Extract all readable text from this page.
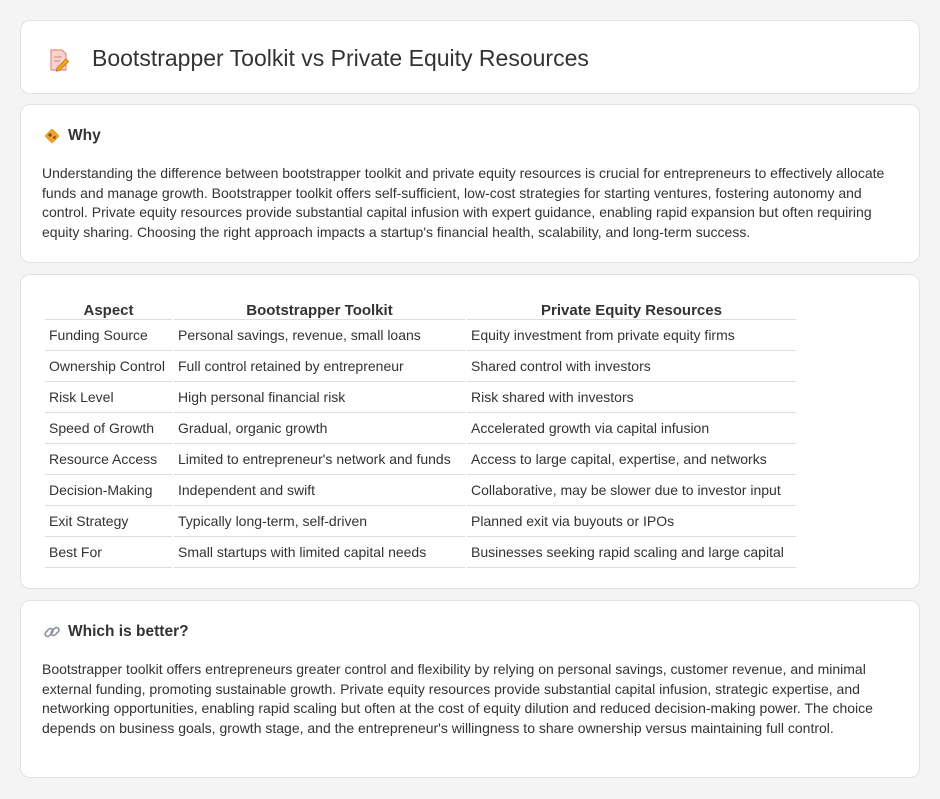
Bootstrapper Toolkit vs Private Equity Resources
Why

Understanding the difference between bootstrapper toolkit and private equity resources is crucial for entrepreneurs to effectively allocate funds and manage growth. Bootstrapper toolkit offers self-sufficient, low-cost strategies for starting ventures, fostering autonomy and control. Private equity resources provide substantial capital infusion with expert guidance, enabling rapid expansion but often requiring equity sharing. Choosing the right approach impacts a startup's financial health, scalability, and long-term success.

Aspect	Bootstrapper Toolkit	Private Equity Resources
Funding Source	Personal savings, revenue, small loans	Equity investment from private equity firms
Ownership Control	Full control retained by entrepreneur	Shared control with investors
Risk Level	High personal financial risk	Risk shared with investors
Speed of Growth	Gradual, organic growth	Accelerated growth via capital infusion
Resource Access	Limited to entrepreneur's network and funds	Access to large capital, expertise, and networks
Decision-Making	Independent and swift	Collaborative, may be slower due to investor input
Exit Strategy	Typically long-term, self-driven	Planned exit via buyouts or IPOs
Best For	Small startups with limited capital needs	Businesses seeking rapid scaling and large capital
Which is better?

Bootstrapper toolkit offers entrepreneurs greater control and flexibility by relying on personal savings, customer revenue, and minimal external funding, promoting sustainable growth. Private equity resources provide substantial capital infusion, strategic expertise, and networking opportunities, enabling rapid scaling but often at the cost of equity dilution and reduced decision-making power. The choice depends on business goals, growth stage, and the entrepreneur's willingness to share ownership versus maintaining full control.
